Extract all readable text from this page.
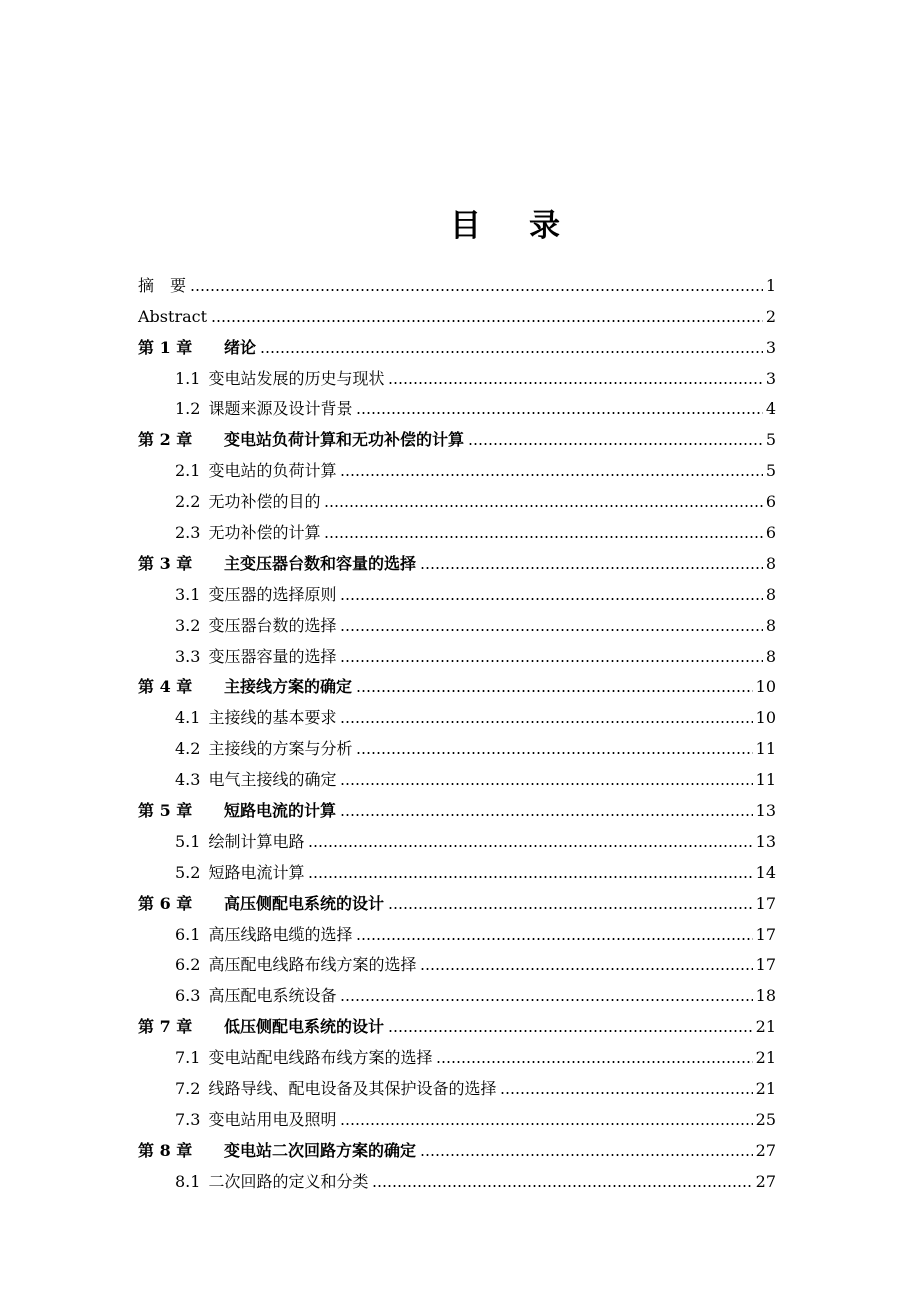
目 录
摘　要	1
Abstract	2
第 1 章	绪论	3
1.1 变电站发展的历史与现状	3
1.2 课题来源及设计背景	4
第 2 章	变电站负荷计算和无功补偿的计算	5
2.1 变电站的负荷计算	5
2.2 无功补偿的目的	6
2.3 无功补偿的计算	6
第 3 章	主变压器台数和容量的选择	8
3.1 变压器的选择原则	8
3.2 变压器台数的选择	8
3.3 变压器容量的选择	8
第 4 章	主接线方案的确定	10
4.1 主接线的基本要求	10
4.2 主接线的方案与分析	11
4.3 电气主接线的确定	11
第 5 章	短路电流的计算	13
5.1 绘制计算电路	13
5.2 短路电流计算	14
第 6 章	高压侧配电系统的设计	17
6.1 高压线路电缆的选择	17
6.2 高压配电线路布线方案的选择	17
6.3 高压配电系统设备	18
第 7 章	低压侧配电系统的设计	21
7.1 变电站配电线路布线方案的选择	21
7.2 线路导线、配电设备及其保护设备的选择	21
7.3 变电站用电及照明	25
第 8 章	变电站二次回路方案的确定	27
8.1 二次回路的定义和分类	27
